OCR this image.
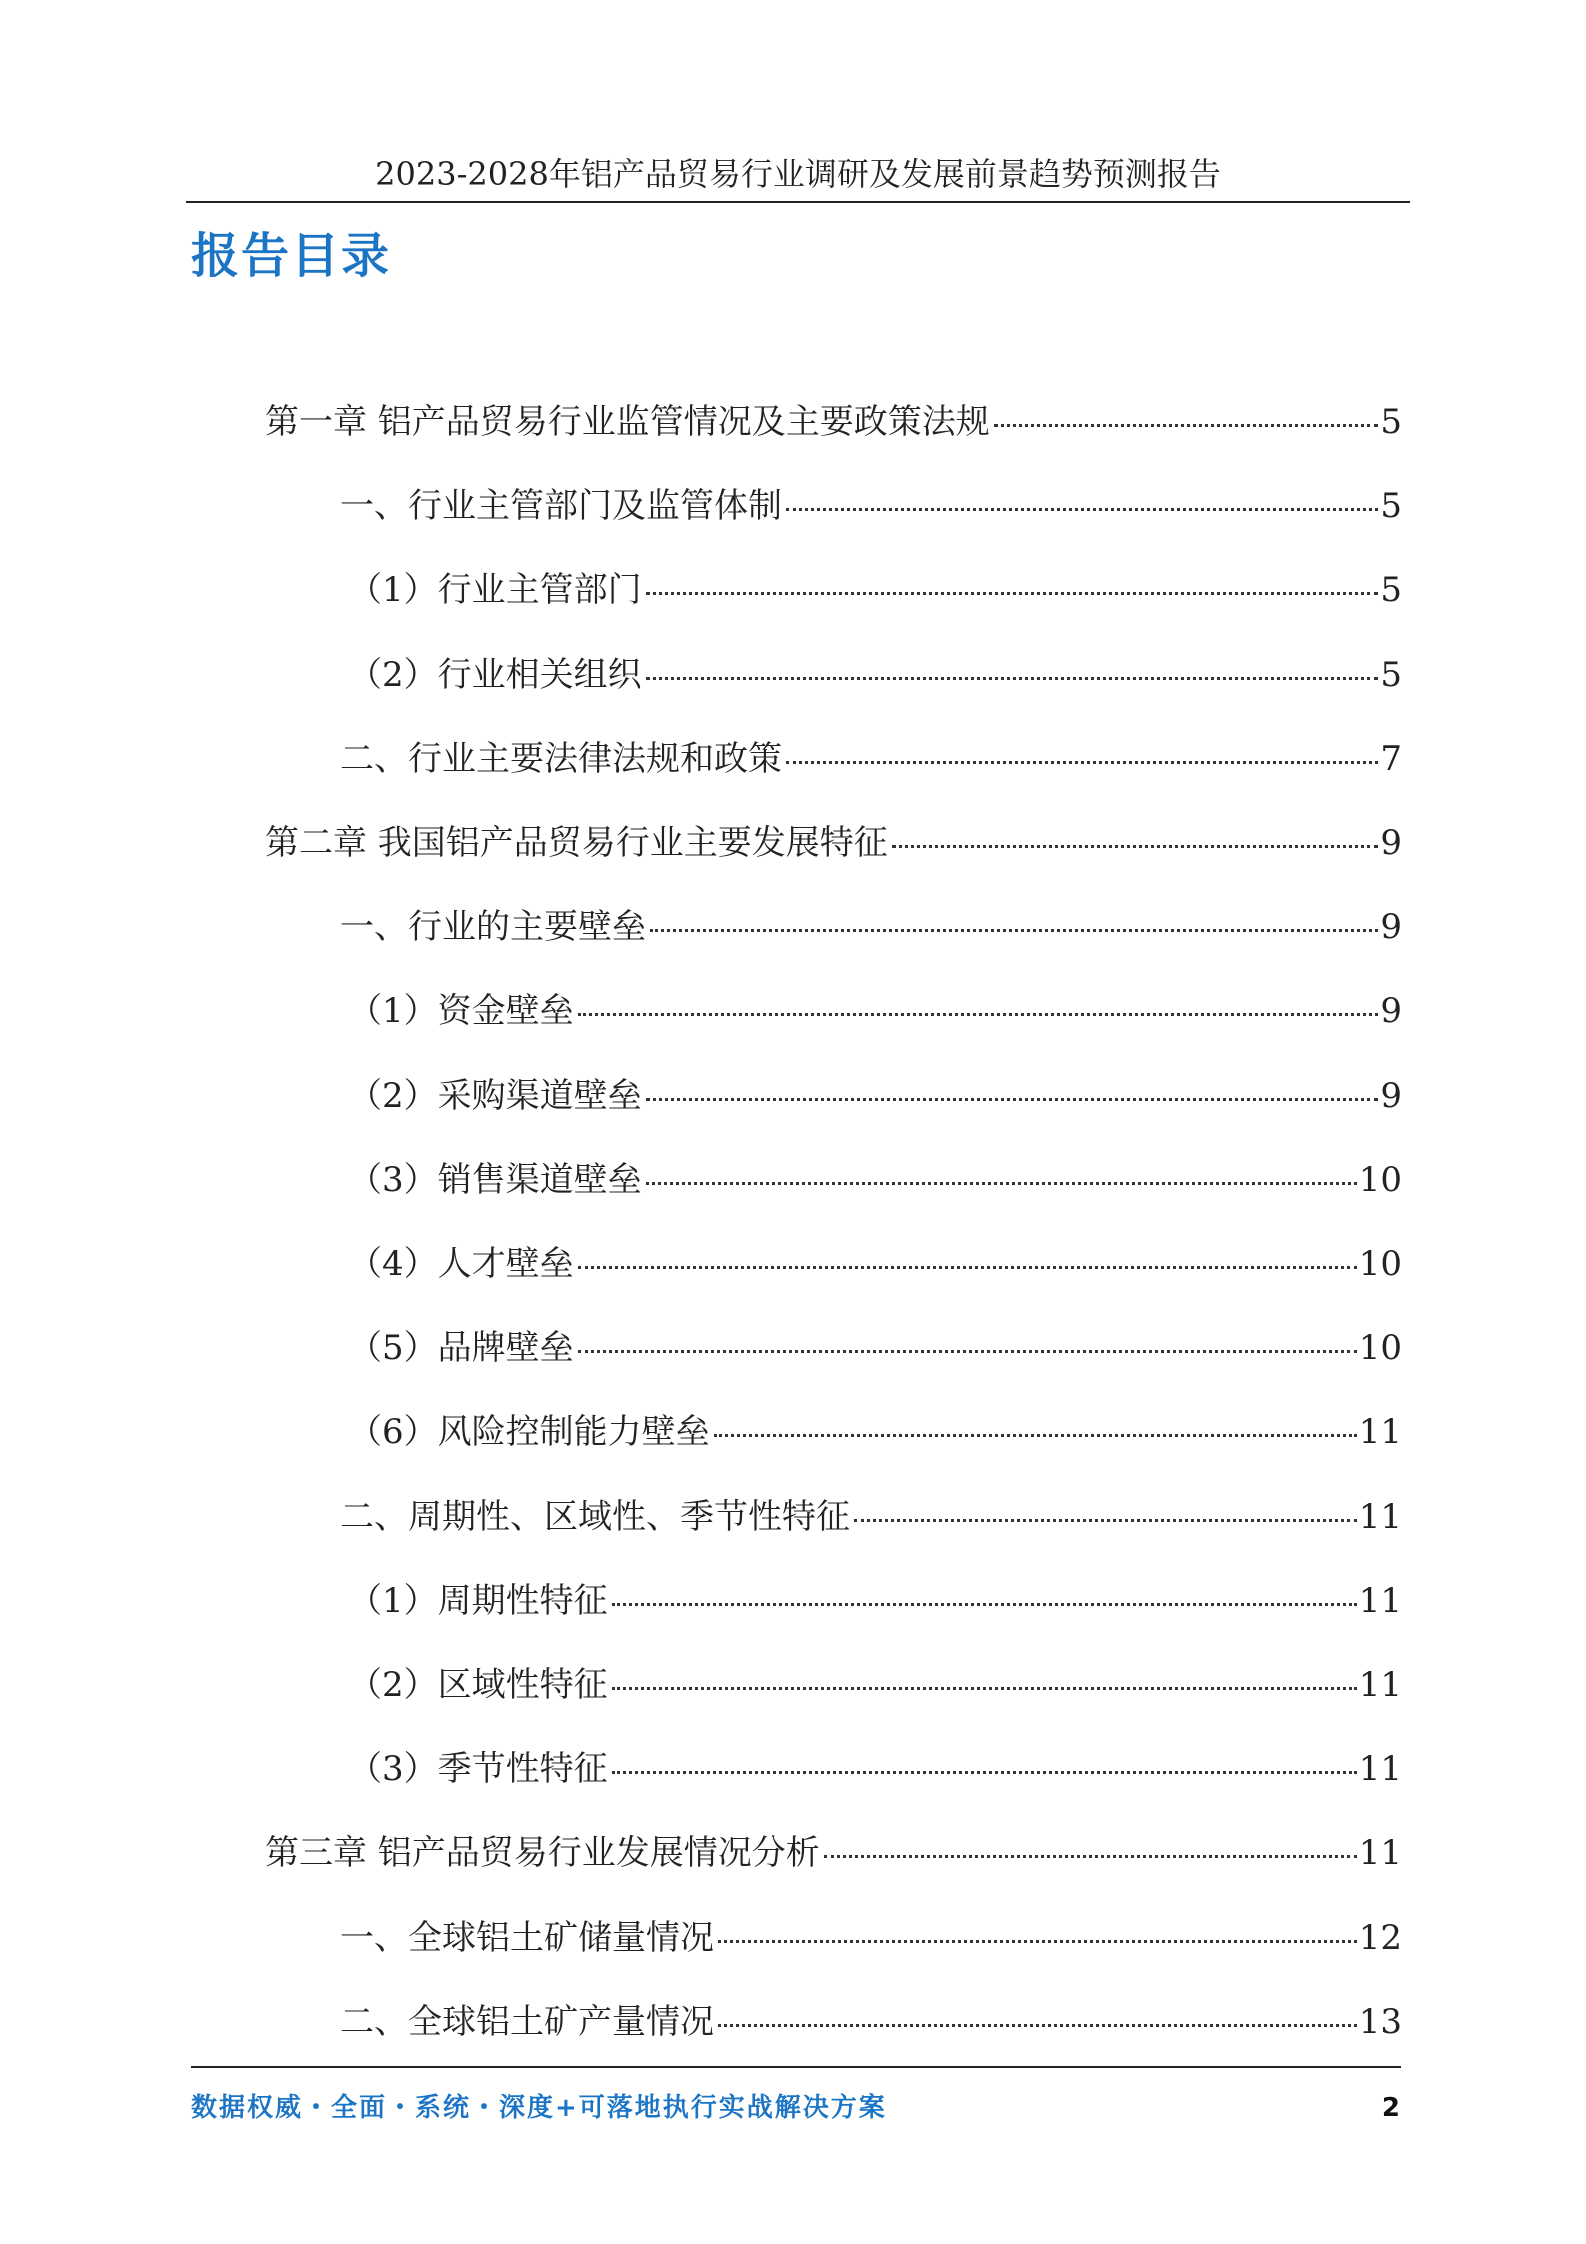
2023-2028年铝产品贸易行业调研及发展前景趋势预测报告
报告目录
第一章 铝产品贸易行业监管情况及主要政策法规	5
一、行业主管部门及监管体制	5
（1）行业主管部门	5
（2）行业相关组织	5
二、行业主要法律法规和政策	7
第二章 我国铝产品贸易行业主要发展特征	9
一、行业的主要壁垒	9
（1）资金壁垒	9
（2）采购渠道壁垒	9
（3）销售渠道壁垒	10
（4）人才壁垒	10
（5）品牌壁垒	10
（6）风险控制能力壁垒	11
二、周期性、区域性、季节性特征	11
（1）周期性特征	11
（2）区域性特征	11
（3）季节性特征	11
第三章 铝产品贸易行业发展情况分析	11
一、全球铝土矿储量情况	12
二、全球铝土矿产量情况	13
数据权威・全面・系统・深度+可落地执行实战解决方案	2
